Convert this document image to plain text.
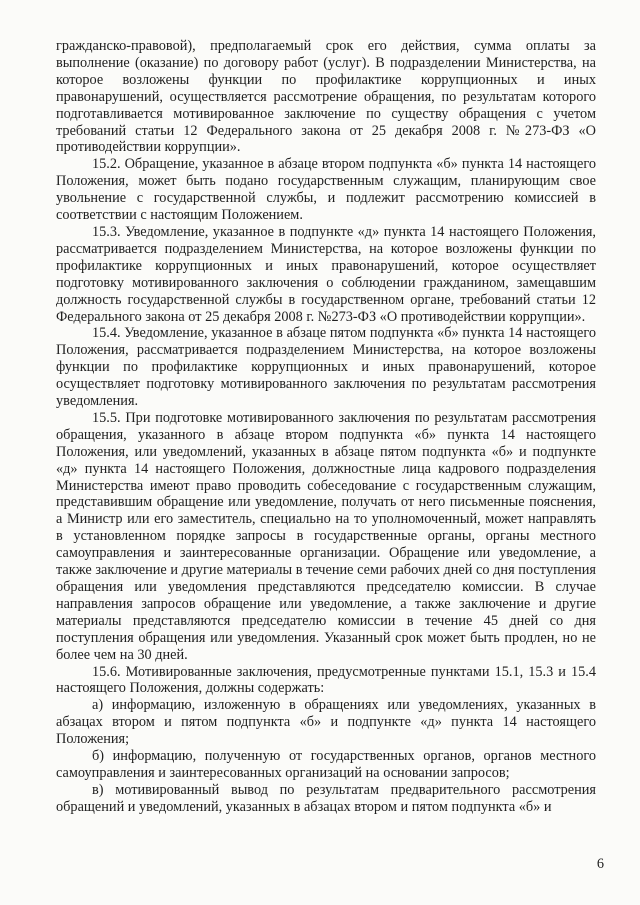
гражданско-правовой), предполагаемый срок его действия, сумма оплаты за выполнение (оказание) по договору работ (услуг). В подразделении Министерства, на которое возложены функции по профилактике коррупционных и иных правонарушений, осуществляется рассмотрение обращения, по результатам которого подготавливается мотивированное заключение по существу обращения с учетом требований статьи 12 Федерального закона от 25 декабря 2008 г. №273-ФЗ «О противодействии коррупции».

15.2. Обращение, указанное в абзаце втором подпункта «б» пункта 14 настоящего Положения, может быть подано государственным служащим, планирующим свое увольнение с государственной службы, и подлежит рассмотрению комиссией в соответствии с настоящим Положением.

15.3. Уведомление, указанное в подпункте «д» пункта 14 настоящего Положения, рассматривается подразделением Министерства, на которое возложены функции по профилактике коррупционных и иных правонарушений, которое осуществляет подготовку мотивированного заключения о соблюдении гражданином, замещавшим должность государственной службы в государственном органе, требований статьи 12 Федерального закона от 25 декабря 2008 г. №273-ФЗ «О противодействии коррупции».

15.4. Уведомление, указанное в абзаце пятом подпункта «б» пункта 14 настоящего Положения, рассматривается подразделением Министерства, на которое возложены функции по профилактике коррупционных и иных правонарушений, которое осуществляет подготовку мотивированного заключения по результатам рассмотрения уведомления.

15.5. При подготовке мотивированного заключения по результатам рассмотрения обращения, указанного в абзаце втором подпункта «б» пункта 14 настоящего Положения, или уведомлений, указанных в абзаце пятом подпункта «б» и подпункте «д» пункта 14 настоящего Положения, должностные лица кадрового подразделения Министерства имеют право проводить собеседование с государственным служащим, представившим обращение или уведомление, получать от него письменные пояснения, а Министр или его заместитель, специально на то уполномоченный, может направлять в установленном порядке запросы в государственные органы, органы местного самоуправления и заинтересованные организации. Обращение или уведомление, а также заключение и другие материалы в течение семи рабочих дней со дня поступления обращения или уведомления представляются председателю комиссии. В случае направления запросов обращение или уведомление, а также заключение и другие материалы представляются председателю комиссии в течение 45 дней со дня поступления обращения или уведомления. Указанный срок может быть продлен, но не более чем на 30 дней.

15.6. Мотивированные заключения, предусмотренные пунктами 15.1, 15.3 и 15.4 настоящего Положения, должны содержать:

а) информацию, изложенную в обращениях или уведомлениях, указанных в абзацах втором и пятом подпункта «б» и подпункте «д» пункта 14 настоящего Положения;

б) информацию, полученную от государственных органов, органов местного самоуправления и заинтересованных организаций на основании запросов;

в) мотивированный вывод по результатам предварительного рассмотрения обращений и уведомлений, указанных в абзацах втором и пятом подпункта «б» и

6
